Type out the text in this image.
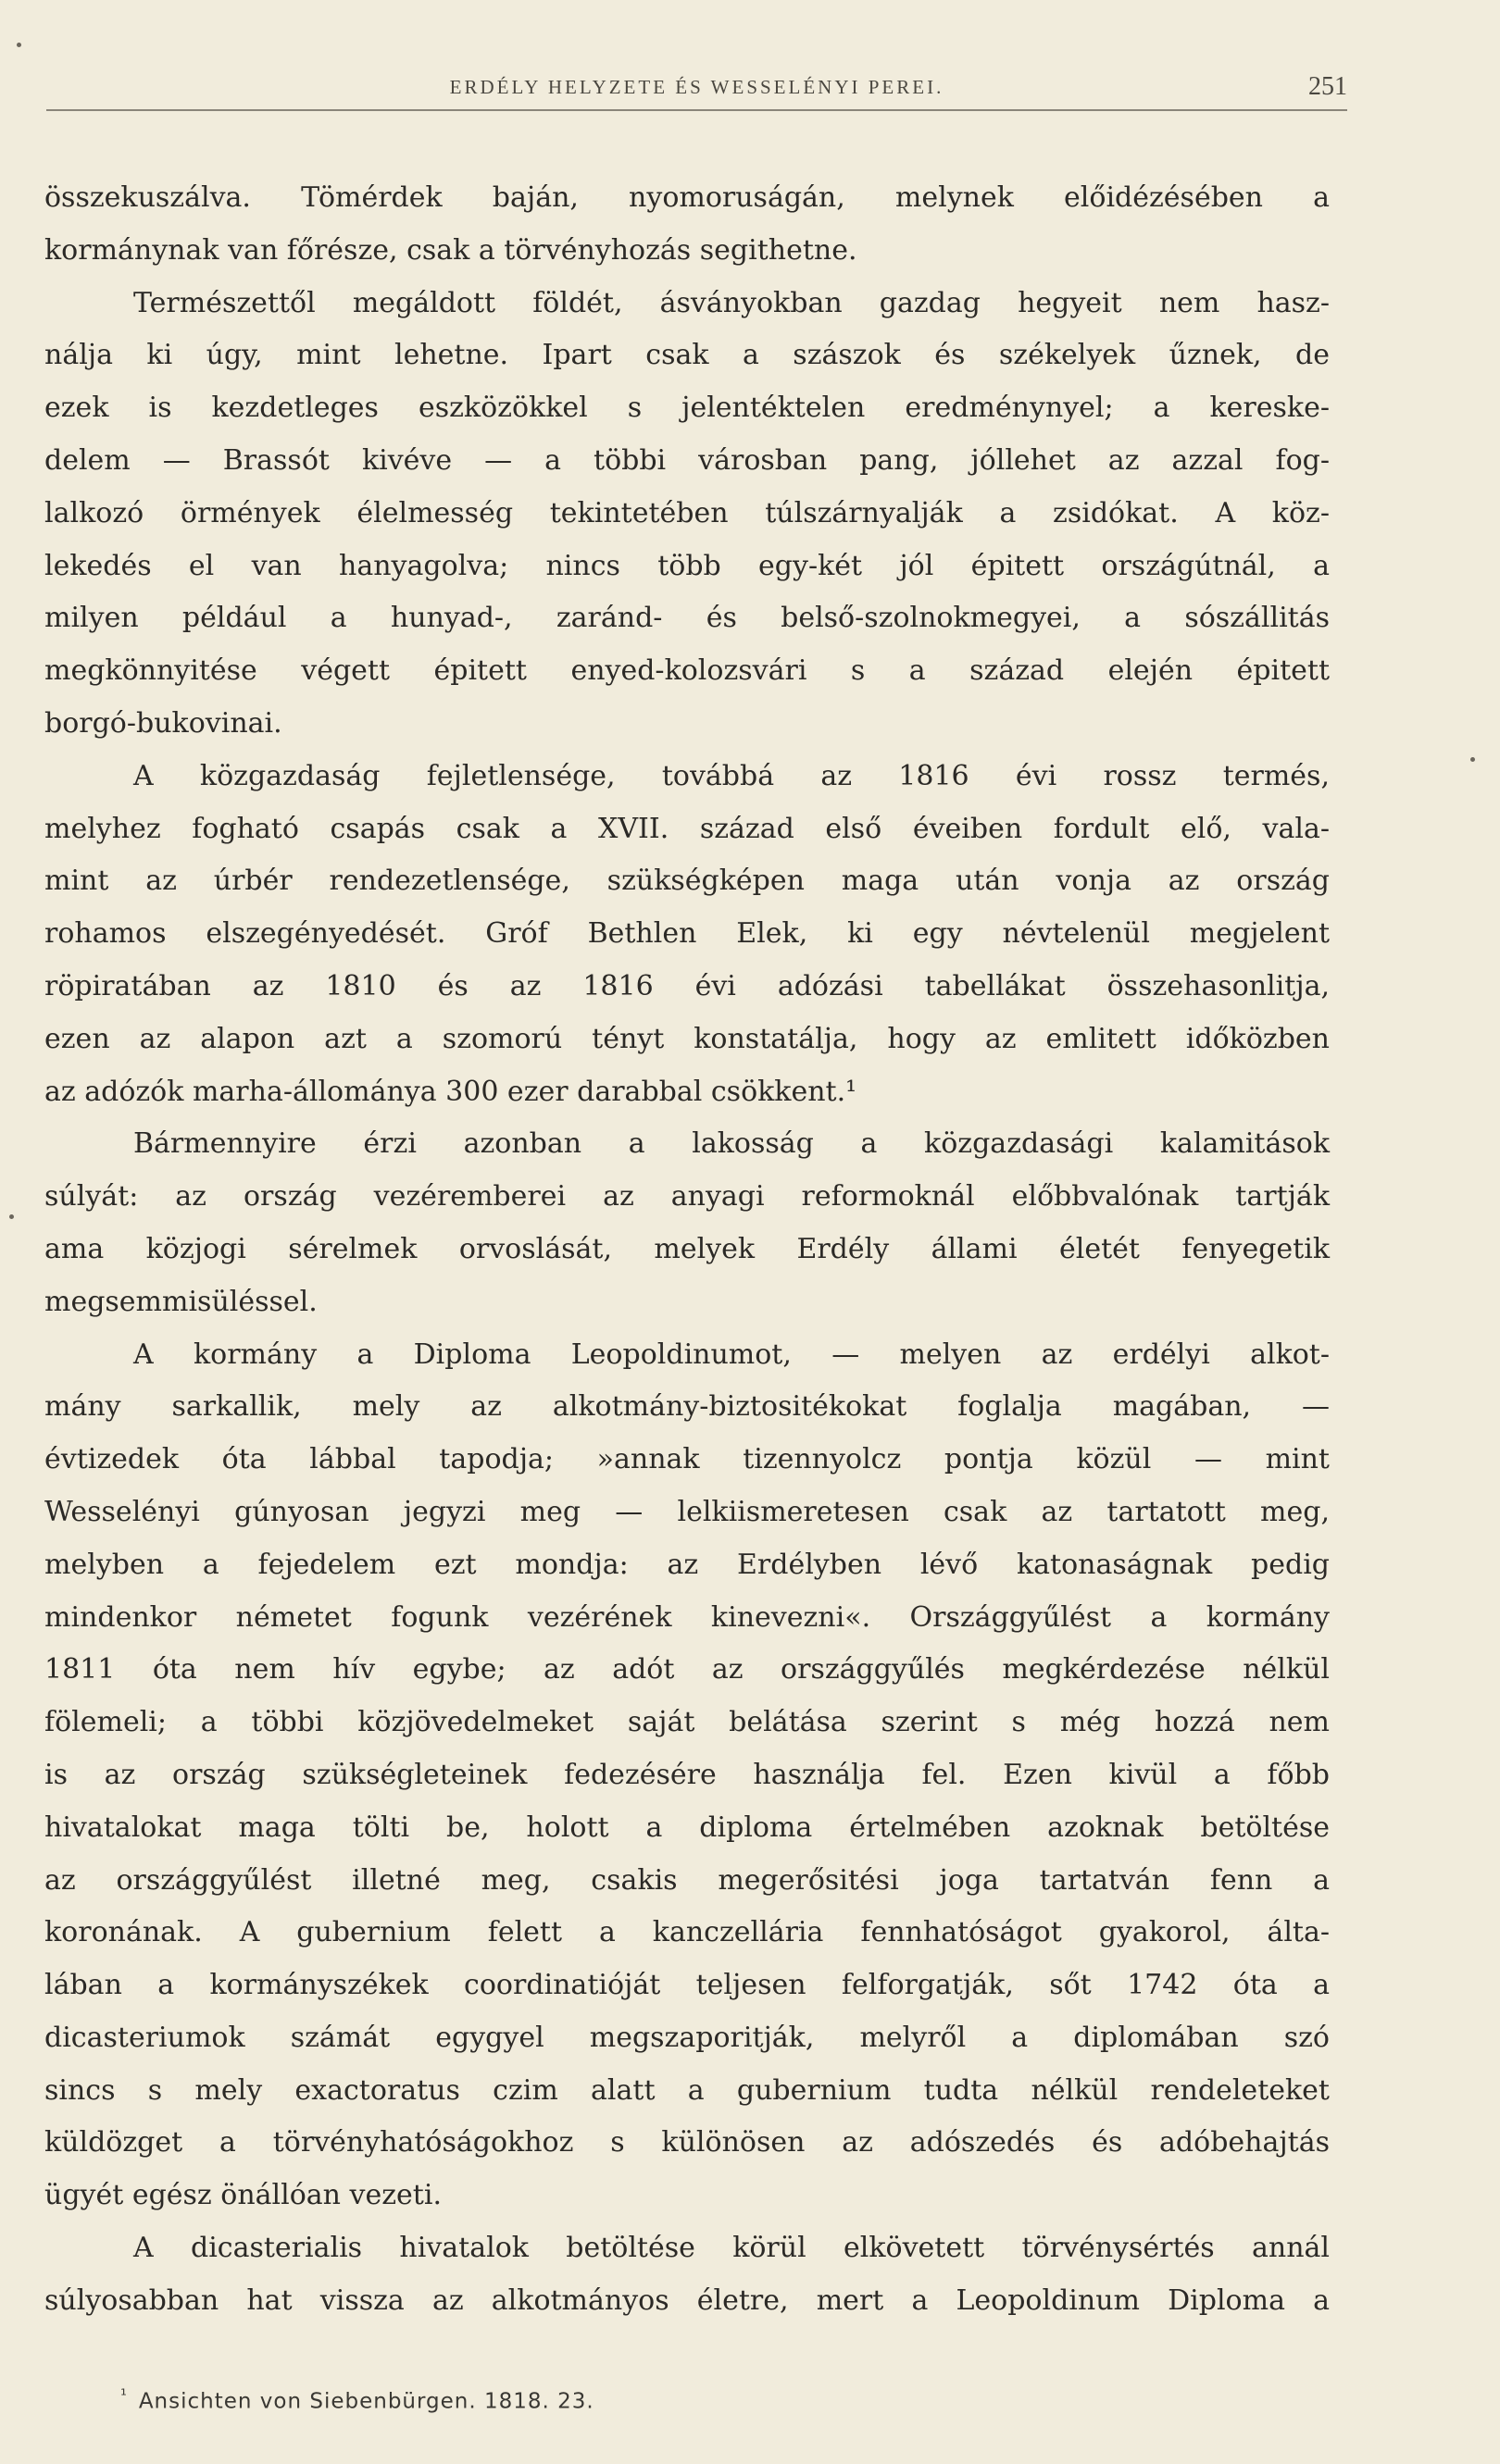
ERDÉLY HELYZETE ÉS WESSELÉNYI PEREI.	251
összekuszálva. Tömérdek baján, nyomoruságán, melynek előidézésében a
kormánynak van főrésze, csak a törvényhozás segithetne.
Természettől megáldott földét, ásványokban gazdag hegyeit nem hasz-
nálja ki úgy, mint lehetne. Ipart csak a szászok és székelyek űznek, de
ezek is kezdetleges eszközökkel s jelentéktelen eredménynyel; a kereske-
delem — Brassót kivéve — a többi városban pang, jóllehet az azzal fog-
lalkozó örmények élelmesség tekintetében túlszárnyalják a zsidókat. A köz-
lekedés el van hanyagolva; nincs több egy-két jól épitett országútnál, a
milyen például a hunyad-, zaránd- és belső-szolnokmegyei, a sószállitás
megkönnyitése végett épitett enyed-kolozsvári s a század elején épitett
borgó-bukovinai.
A közgazdaság fejletlensége, továbbá az 1816 évi rossz termés,
melyhez fogható csapás csak a XVII. század első éveiben fordult elő, vala-
mint az úrbér rendezetlensége, szükségképen maga után vonja az ország
rohamos elszegényedését. Gróf Bethlen Elek, ki egy névtelenül megjelent
röpiratában az 1810 és az 1816 évi adózási tabellákat összehasonlitja,
ezen az alapon azt a szomorú tényt konstatálja, hogy az emlitett időközben
az adózók marha-állománya 300 ezer darabbal csökkent.¹
Bármennyire érzi azonban a lakosság a közgazdasági kalamitások
súlyát: az ország vezéremberei az anyagi reformoknál előbbvalónak tartják
ama közjogi sérelmek orvoslását, melyek Erdély állami életét fenyegetik
megsemmisüléssel.
A kormány a Diploma Leopoldinumot, — melyen az erdélyi alkot-
mány sarkallik, mely az alkotmány-biztositékokat foglalja magában, —
évtizedek óta lábbal tapodja; »annak tizennyolcz pontja közül — mint
Wesselényi gúnyosan jegyzi meg — lelkiismeretesen csak az tartatott meg,
melyben a fejedelem ezt mondja: az Erdélyben lévő katonaságnak pedig
mindenkor németet fogunk vezérének kinevezni«. Országgyűlést a kormány
1811 óta nem hív egybe; az adót az országgyűlés megkérdezése nélkül
fölemeli; a többi közjövedelmeket saját belátása szerint s még hozzá nem
is az ország szükségleteinek fedezésére használja fel. Ezen kivül a főbb
hivatalokat maga tölti be, holott a diploma értelmében azoknak betöltése
az országgyűlést illetné meg, csakis megerősitési joga tartatván fenn a
koronának. A gubernium felett a kanczellária fennhatóságot gyakorol, álta-
lában a kormányszékek coordinatióját teljesen felforgatják, sőt 1742 óta a
dicasteriumok számát egygyel megszaporitják, melyről a diplomában szó
sincs s mely exactoratus czim alatt a gubernium tudta nélkül rendeleteket
küldözget a törvényhatóságokhoz s különösen az adószedés és adóbehajtás
ügyét egész önállóan vezeti.
A dicasterialis hivatalok betöltése körül elkövetett törvénysértés annál
súlyosabban hat vissza az alkotmányos életre, mert a Leopoldinum Diploma a
$^{^1}$ Ansichten von Siebenbürgen. 1818. 23.
